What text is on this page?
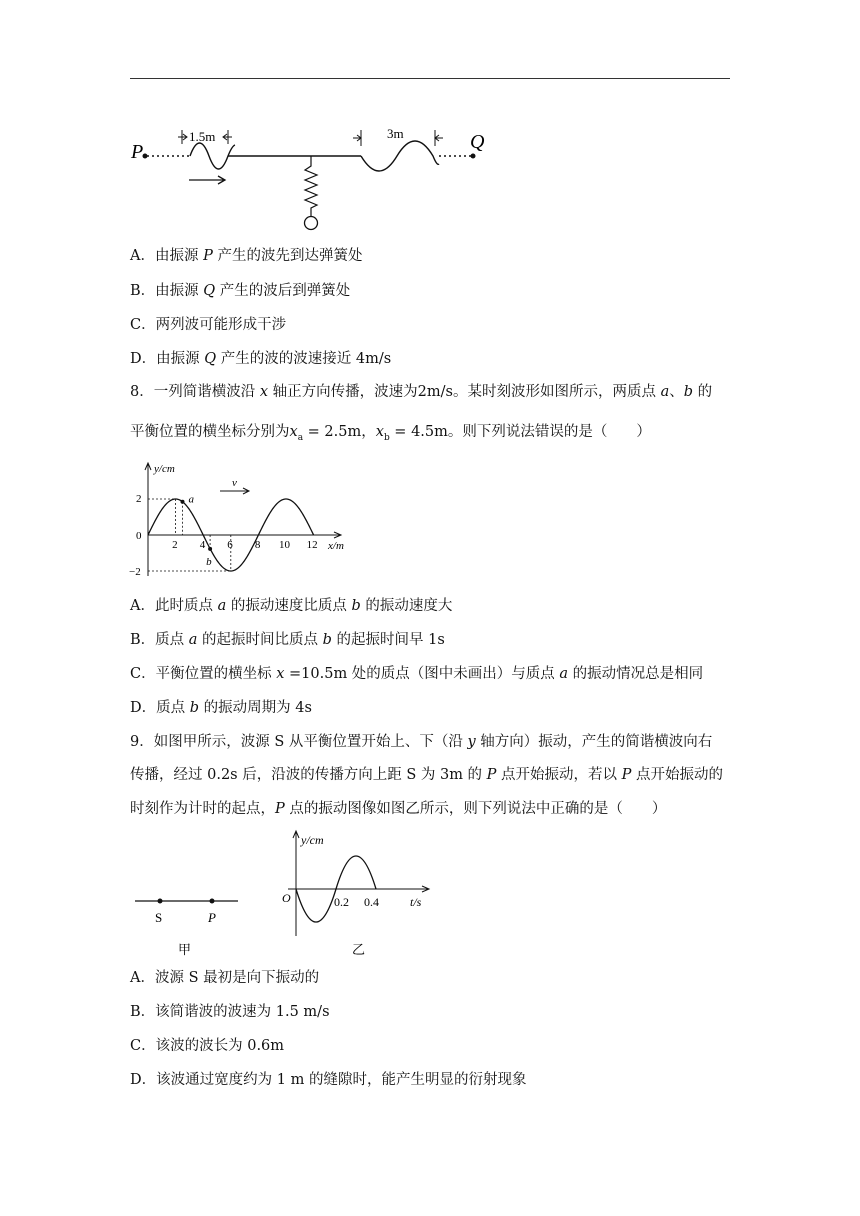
P	Q
1.5m	3m
A．由振源 P 产生的波先到达弹簧处
B．由振源 Q 产生的波后到弹簧处
C．两列波可能形成干涉
D．由振源 Q 产生的波的波速接近 4m/s
8．一列简谐横波沿 x 轴正方向传播，波速为2m/s。某时刻波形如图所示，两质点 a、b 的
平衡位置的横坐标分别为$x_a = 2.5m$，$x_b = 4.5m$。则下列说法错误的是（　　）
y/cm
x/m
2
0
−2
2 4 6 8 10 12
a
b
v
A．此时质点 a 的振动速度比质点 b 的振动速度大
B．质点 a 的起振时间比质点 b 的起振时间早 1s
C．平衡位置的横坐标 x =10.5m 处的质点（图中未画出）与质点 a 的振动情况总是相同
D．质点 b 的振动周期为 4s
9．如图甲所示，波源 S 从平衡位置开始上、下（沿 y 轴方向）振动，产生的简谐横波向右
传播，经过 0.2s 后，沿波的传播方向上距 S 为 3m 的 P 点开始振动，若以 P 点开始振动的
时刻作为计时的起点，P 点的振动图像如图乙所示，则下列说法中正确的是（　　）
S	P
甲
y/cm
O	t/s
0.2 0.4
乙
A．波源 S 最初是向下振动的
B．该简谐波的波速为 1.5 m/s
C．该波的波长为 0.6m
D．该波通过宽度约为 1 m 的缝隙时，能产生明显的衍射现象
